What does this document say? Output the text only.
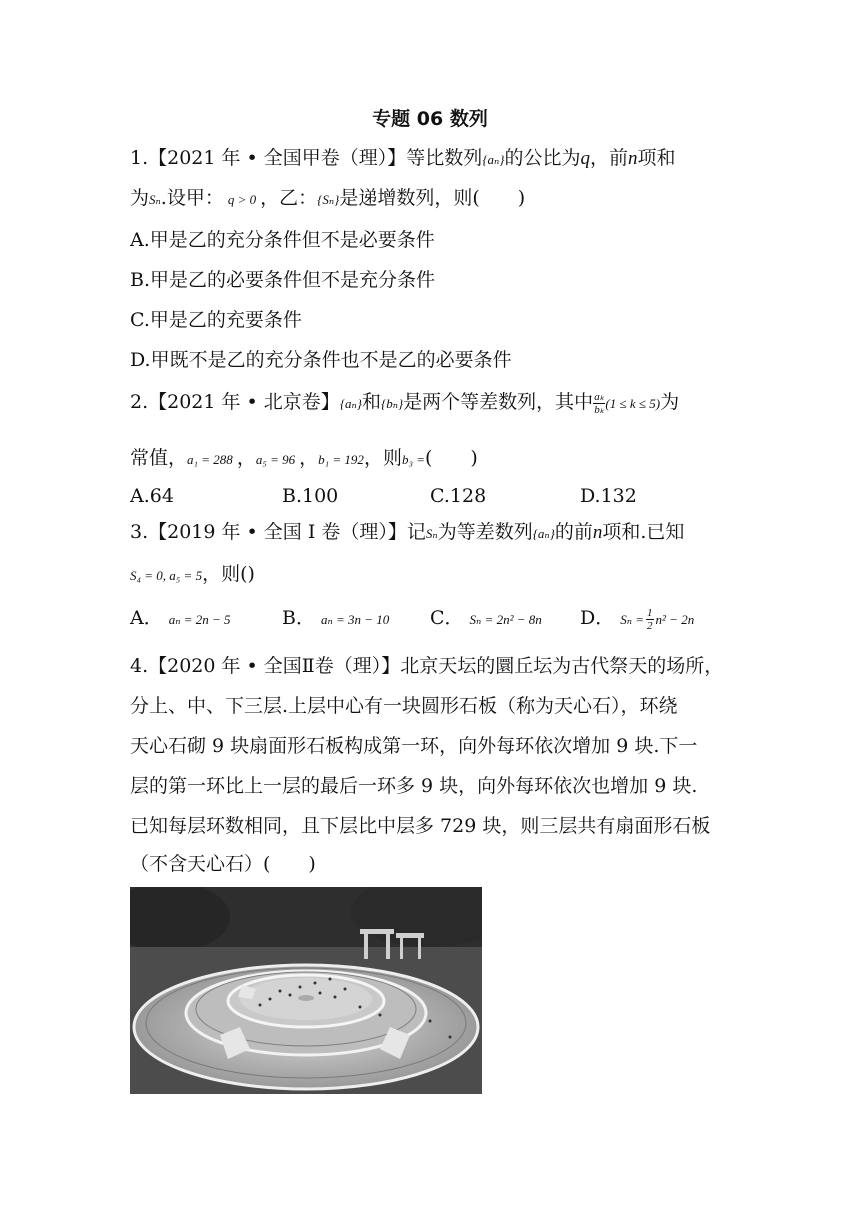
专题 06 数列
1.【2021 年 • 全国甲卷（理）】等比数列{aₙ}的公比为q，前n项和
为Sₙ.设甲： q > 0 ，乙：{Sₙ}是递增数列，则(　　)
A.甲是乙的充分条件但不是必要条件
B.甲是乙的必要条件但不是充分条件
C.甲是乙的充要条件
D.甲既不是乙的充分条件也不是乙的必要条件
2.【2021 年 • 北京卷】{aₙ}和{bₙ}是两个等差数列，其中 $\frac{\text{aₖ}}{\text{bₖ}} (1 \le k \le 5)$为
常值，a₁ = 288 ，a₅ = 96 ，b₁ = 192，则b₃ =(　　)
A.64	B.100	C.128	D.132
3.【2019 年 • 全国 Ⅰ 卷（理）】记Sₙ为等差数列{aₙ}的前n项和.已知
S₄ = 0, a₅ = 5，则()
A． aₙ = 2n − 5	B． aₙ = 3n − 10 C． Sₙ = 2n² − 8n D． $S_n = \frac{1}{2} n^2 - 2n$
4.【2020 年 • 全国Ⅱ卷（理）】北京天坛的圜丘坛为古代祭天的场所，
分上、中、下三层.上层中心有一块圆形石板（称为天心石），环绕
天心石砌 9 块扇面形石板构成第一环，向外每环依次增加 9 块.下一
层的第一环比上一层的最后一环多 9 块，向外每环依次也增加 9 块.
已知每层环数相同，且下层比中层多 729 块，则三层共有扇面形石板
（不含天心石）(　　)
